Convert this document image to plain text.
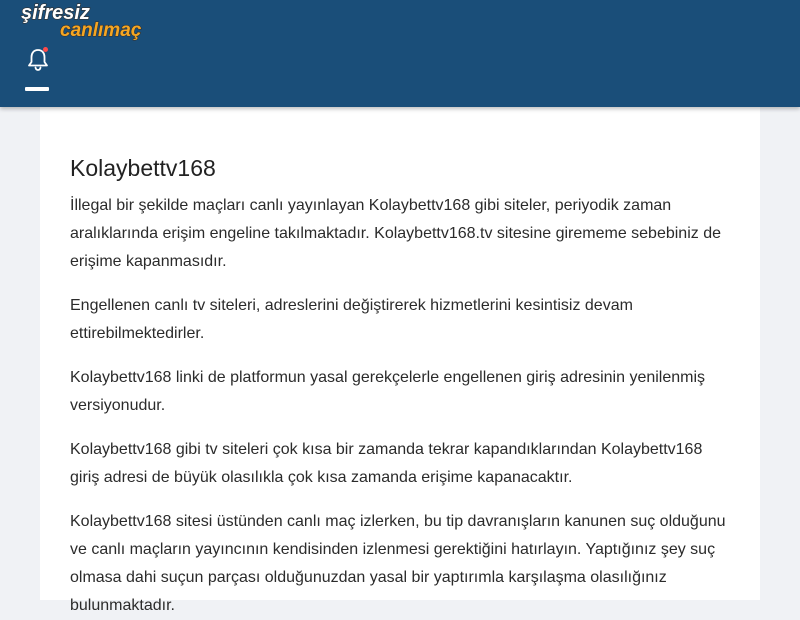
şifresiz
canlımaç
Kolaybettv168

İllegal bir şekilde maçları canlı yayınlayan Kolaybettv168 gibi siteler, periyodik zaman aralıklarında erişim engeline takılmaktadır. Kolaybettv168.tv sitesine girememe sebebiniz de erişime kapanmasıdır.

Engellenen canlı tv siteleri, adreslerini değiştirerek hizmetlerini kesintisiz devam ettirebilmektedirler.

Kolaybettv168 linki de platformun yasal gerekçelerle engellenen giriş adresinin yenilenmiş versiyonudur.

Kolaybettv168 gibi tv siteleri çok kısa bir zamanda tekrar kapandıklarından Kolaybettv168 giriş adresi de büyük olasılıkla çok kısa zamanda erişime kapanacaktır.

Kolaybettv168 sitesi üstünden canlı maç izlerken, bu tip davranışların kanunen suç olduğunu ve canlı maçların yayıncının kendisinden izlenmesi gerektiğini hatırlayın. Yaptığınız şey suç olmasa dahi suçun parçası olduğunuzdan yasal bir yaptırımla karşılaşma olasılığınız bulunmaktadır.
